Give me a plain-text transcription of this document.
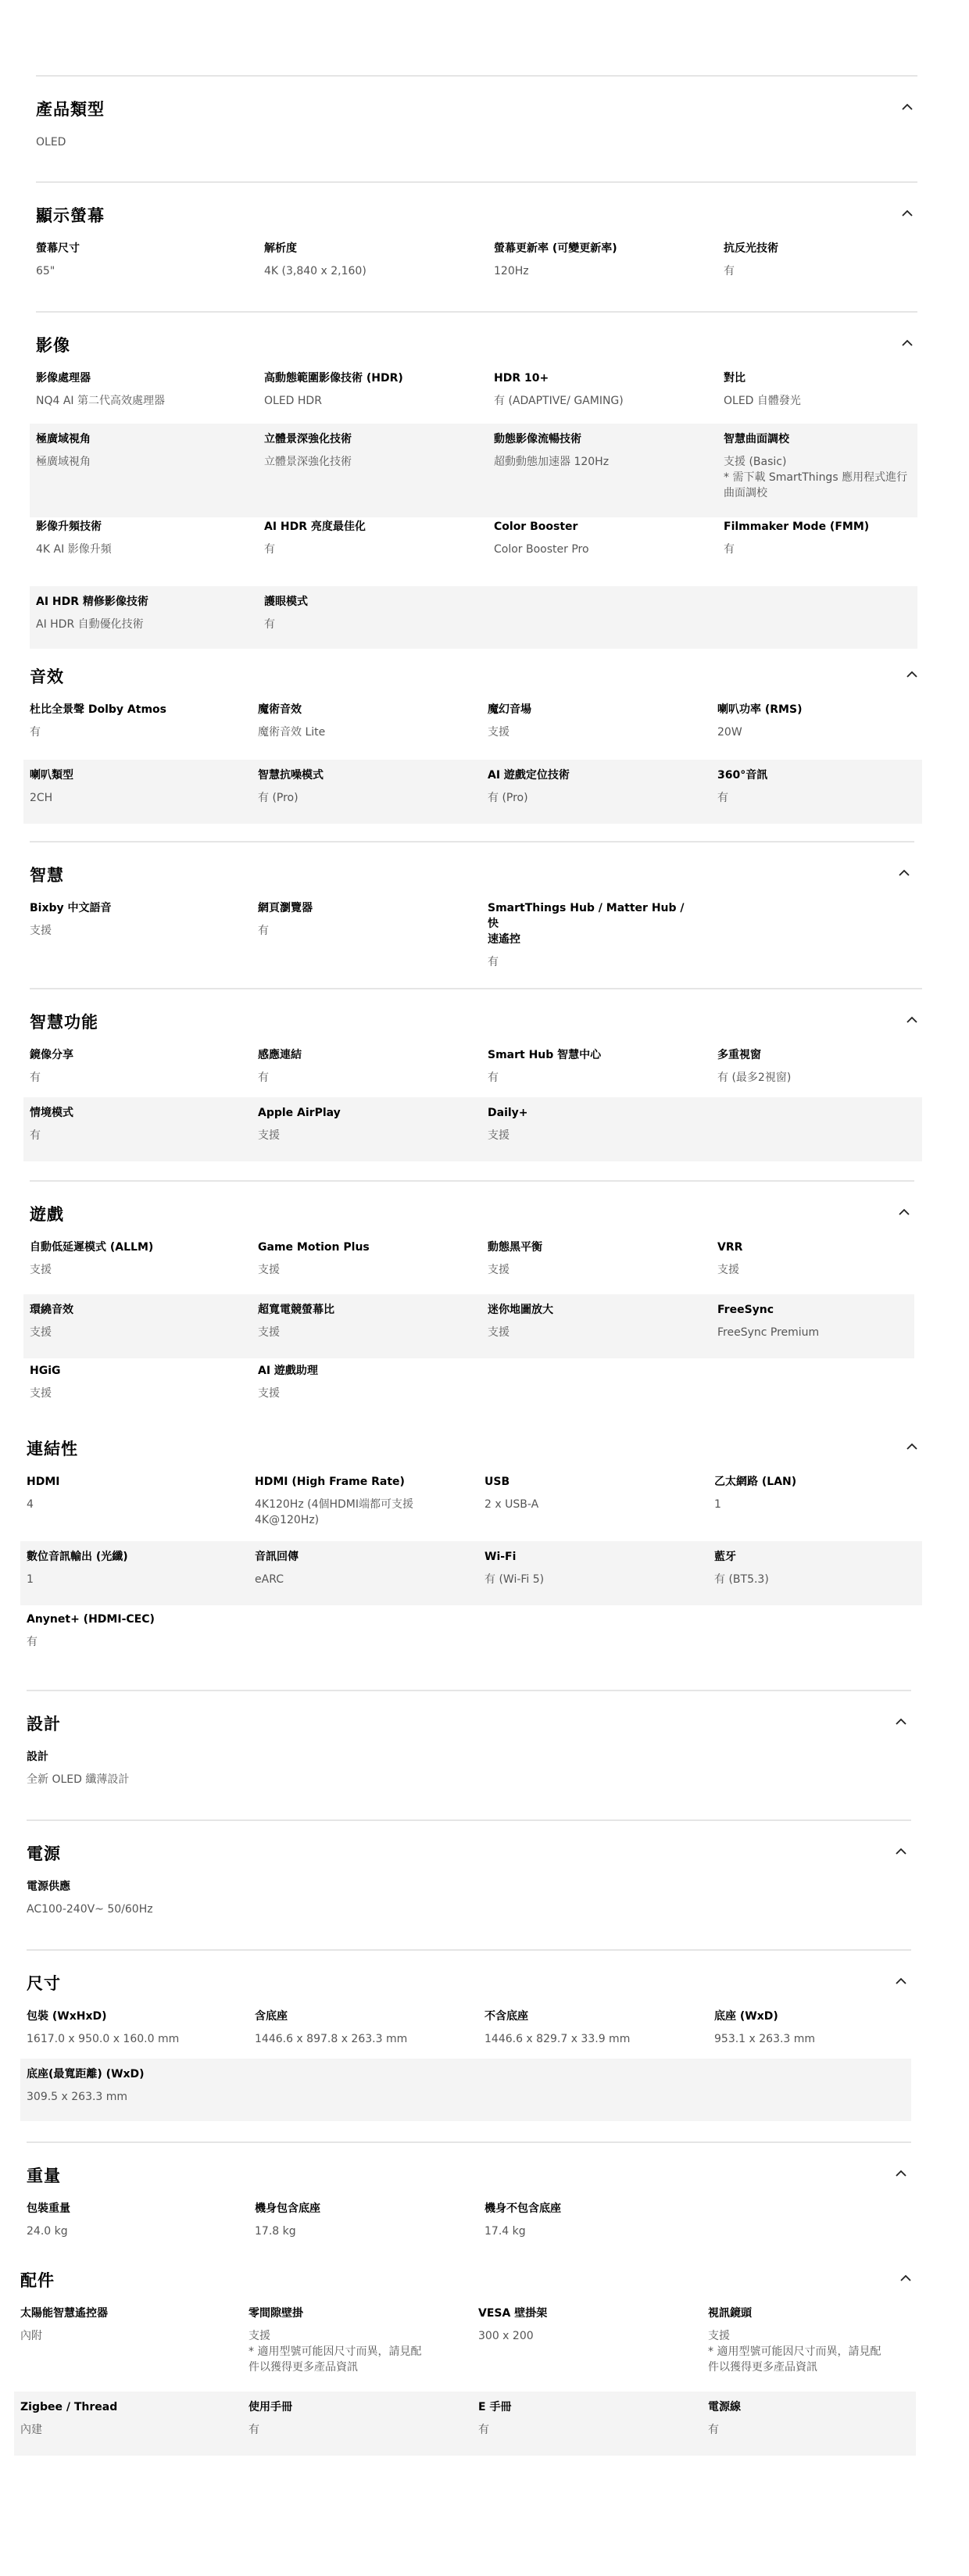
產品類型
OLED
顯示螢幕
螢幕尺寸
65"
解析度
4K (3,840 x 2,160)
螢幕更新率 (可變更新率)
120Hz
抗反光技術
有
影像
影像處理器
NQ4 AI 第二代高效處理器
高動態範圍影像技術 (HDR)
OLED HDR
HDR 10+
有 (ADAPTIVE/ GAMING)
對比
OLED 自體發光
極廣域視角
極廣域視角
立體景深強化技術
立體景深強化技術
動態影像流暢技術
超動動態加速器 120Hz
智慧曲面調校
支援 (Basic)
* 需下載 SmartThings 應用程式進行
曲面調校
影像升頻技術
4K AI 影像升頻
AI HDR 亮度最佳化
有
Color Booster
Color Booster Pro
Filmmaker Mode (FMM)
有
AI HDR 精修影像技術
AI HDR 自動優化技術
護眼模式
有
音效
杜比全景聲 Dolby Atmos
有
魔術音效
魔術音效 Lite
魔幻音場
支援
喇叭功率 (RMS)
20W
喇叭類型
2CH
智慧抗噪模式
有 (Pro)
AI 遊戲定位技術
有 (Pro)
360°音訊
有
智慧
Bixby 中文語音
支援
網頁瀏覽器
有
SmartThings Hub / Matter Hub / 快
速遙控
有
智慧功能
鏡像分享
有
感應連結
有
Smart Hub 智慧中心
有
多重視窗
有 (最多2視窗)
情境模式
有
Apple AirPlay
支援
Daily+
支援
遊戲
自動低延遲模式 (ALLM)
支援
Game Motion Plus
支援
動態黑平衡
支援
VRR
支援
環繞音效
支援
超寬電競螢幕比
支援
迷你地圖放大
支援
FreeSync
FreeSync Premium
HGiG
支援
AI 遊戲助理
支援
連結性
HDMI
4
HDMI (High Frame Rate)
4K120Hz (4個HDMI端都可支援
4K@120Hz)
USB
2 x USB-A
乙太網路 (LAN)
1
數位音訊輸出 (光纖)
1
音訊回傳
eARC
Wi-Fi
有 (Wi-Fi 5)
藍牙
有 (BT5.3)
Anynet+ (HDMI-CEC)
有
設計
設計
全新 OLED 纖薄設計
電源
電源供應
AC100-240V~ 50/60Hz
尺寸
包裝 (WxHxD)
1617.0 x 950.0 x 160.0 mm
含底座
1446.6 x 897.8 x 263.3 mm
不含底座
1446.6 x 829.7 x 33.9 mm
底座 (WxD)
953.1 x 263.3 mm
底座(最寬距離) (WxD)
309.5 x 263.3 mm
重量
包裝重量
24.0 kg
機身包含底座
17.8 kg
機身不包含底座
17.4 kg
配件
太陽能智慧遙控器
內附
零間隙壁掛
支援
* 適用型號可能因尺寸而異，請見配
件以獲得更多產品資訊
VESA 壁掛架
300 x 200
視訊鏡頭
支援
* 適用型號可能因尺寸而異，請見配
件以獲得更多產品資訊
Zigbee / Thread
內建
使用手冊
有
E 手冊
有
電源線
有
